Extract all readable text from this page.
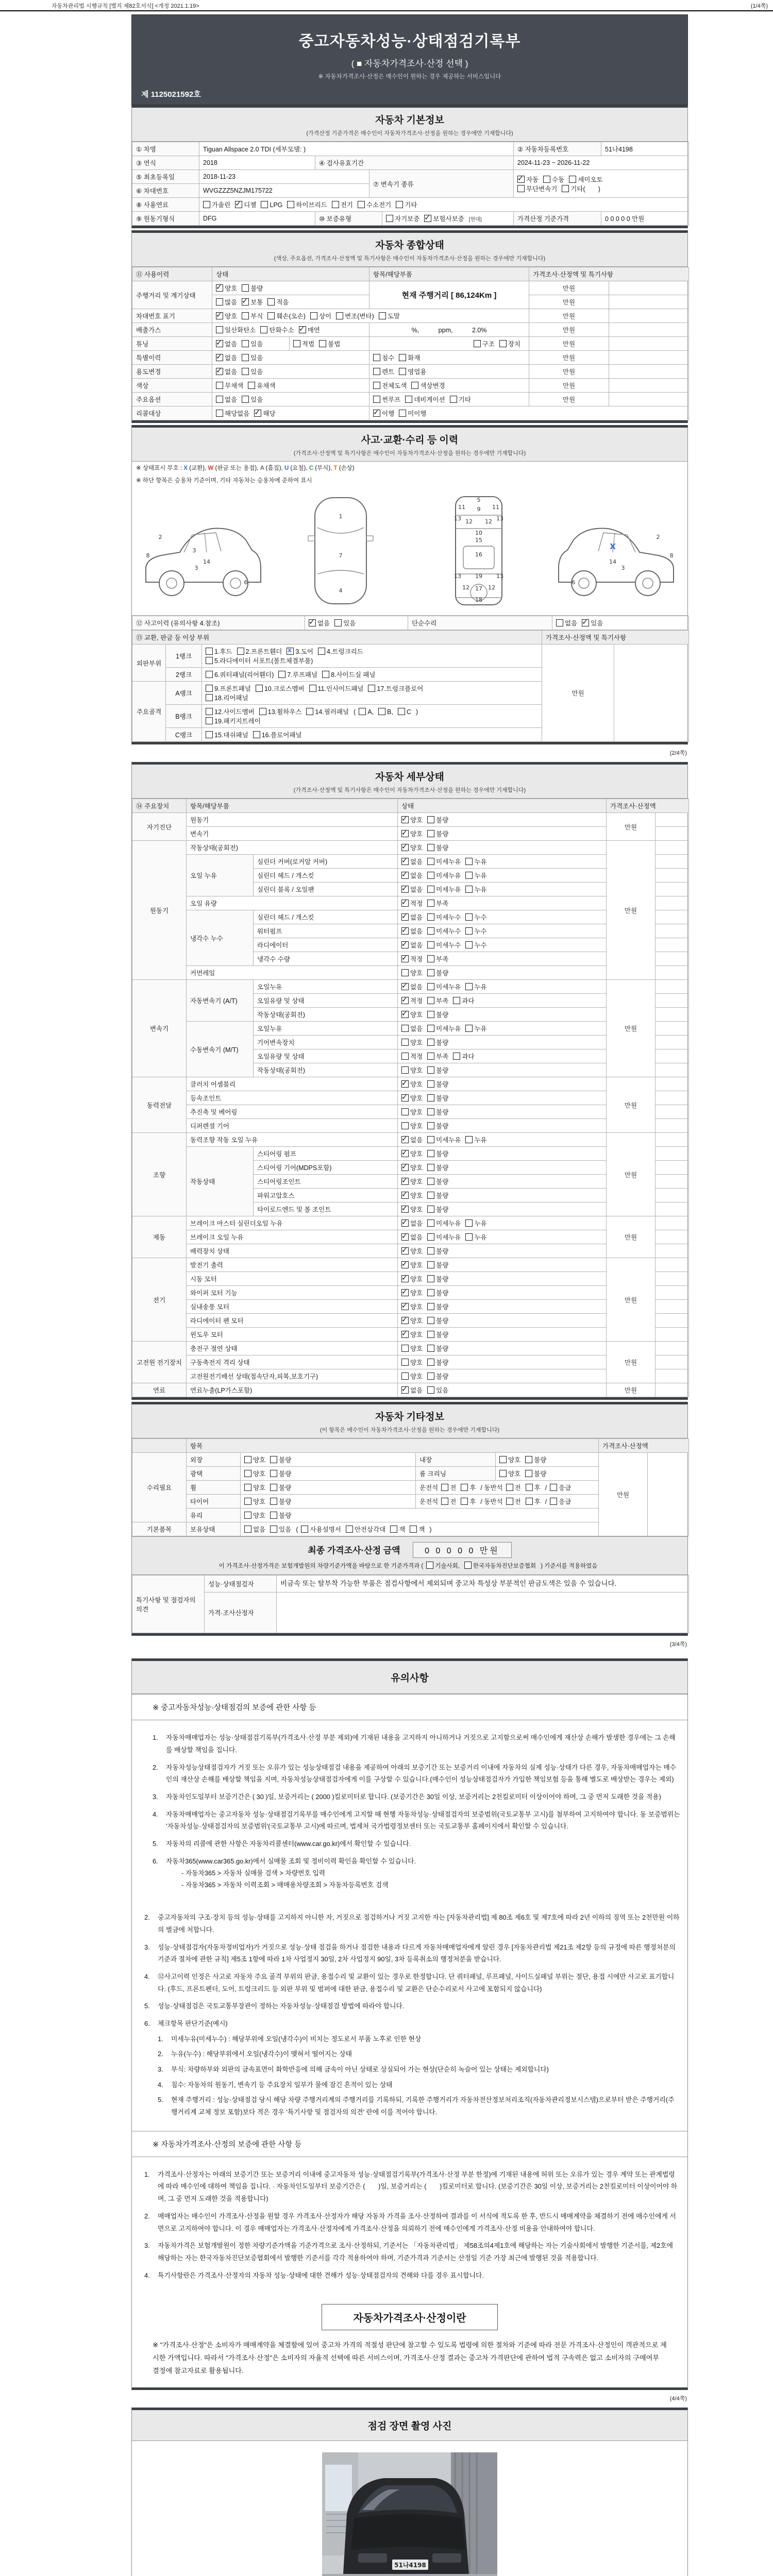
자동차관리법 시행규칙 [별지 제82호서식] <개정 2021.1.19>	(1/4쪽)
중고자동차성능·상태점검기록부
( ■ 자동차가격조사·산정 선택 )
※ 자동차가격조사·산정은 매수인이 원하는 경우 제공하는 서비스입니다
제 1125021592호
자동차 기본정보
(가격산정 기준가격은 매수인이 자동차가격조사·산정을 원하는 경우에만 기재합니다)
① 차명	Tiguan Allspace 2.0 TDI (세부모델: )				② 자동차등록번호	51나4198
③ 연식	2018	④ 검사유효기간			2024-11-23 ~ 2026-11-22	
⑤ 최초등록일	2018-11-23		⑦ 변속기 종류	✓자동 수동 세미오토
무단변속기 기타(　　)
⑥ 차대번호	WVGZZZ5NZJM175722					
⑧ 사용연료	가솔린 ✓ 디젤 LPG 하이브리드 전기 수소전기 기타
⑨ 원동기형식	DFG	⑩ 보증유형		자기보증 ✓ 보험사보증 [현대]	가격산정 기준가격	0 0 0 0 0 만원
자동차 종합상태
(색상, 주요옵션, 가격조사·산정액 및 특기사항은 매수인이 자동차가격조사·산정을 원하는 경우에만 기재합니다)
⑪ 사용이력	상태		항목/해당부품	가격조사·산정액 및 특기사항	
주행거리 및 계기상태	✓양호 불량		현재 주행거리 [ 86,124Km ]	만원	
	많음 ✓ 보통 적음			만원	
차대번호 표기	✓양호 부식 훼손(오손) 상이 변조(변타) 도말			만원	
배출가스	일산화탄소 탄화수소 ✓ 매연		%,　　　ppm,　　　2.0%	만원	
튜닝	✓없음 있음	적법 불법	구조 장치	만원	
특별이력	✓없음 있음		침수 화재	만원	
용도변경	✓없음 있음		렌트 영업용	만원	
색상	무채색 유채색		전체도색 색상변경	만원	
주요옵션	없음 있음		썬루프 네비게이션 기타	만원	
리콜대상	해당없음 ✓ 해당	✓이행 미이행
사고·교환·수리 등 이력
(가격조사·산정액 및 특기사항은 매수인이 자동차가격조사·산정을 원하는 경우에만 기재합니다)
※ 상태표시 부호 : X (교환), W (판금 또는 용접), A (흠집), U (요철), C (부식), T (손상)
※ 하단 항목은 승용차 기준이며, 기타 자동차는 승용차에 준하여 표시
2
8
3
14
3
6
1
7
4
5
9
11	11
12 12
13	13
10
15
16
13	13
19
12	12
17
18
2
8
X
14
3
6
⑫ 사고이력 (유의사항 4.참조)	✓없음 있음	단순수리	없음 ✓ 있음
⑬ 교환, 판금 등 이상 부위			가격조사·산정액 및 특기사항	
외판부위	1랭크	1.후드 2.프론트휀더 x 3.도어 4.트렁크리드
5.라디에이터 서포트(볼트체결부품)	만원	
	2랭크	6.쿼터패널(리어휀더) 7.루프패널 8.사이드실 패널		
주요골격	A랭크	9.프론트패널 10.크로스멤버 11.인사이드패널 17.트렁크플로어
18.리어패널		
	B랭크	12.사이드멤버 13.휠하우스 14.필러패널 ( A, B, C )
19.패키지트레이		
	C랭크	15.대쉬패널 16.플로어패널		
(2/4쪽)
자동차 세부상태
(가격조사·산정액 및 특기사항은 매수인이 자동차가격조사·산정을 원하는 경우에만 기재합니다)
⑭ 주요장치	항목/해당부품		상태	가격조사·산정액	
자기진단	원동기	✓양호 불량	만원	
	변속기	✓양호 불량	
원동기	작동상태(공회전)	✓양호 불량	만원	
	오일 누유	실린더 커버(로커암 커버)	✓없음 미세누유 누유	
		실린더 헤드 / 개스킷	✓없음 미세누유 누유	
		실린더 블록 / 오일팬	✓없음 미세누유 누유	
	오일 유량	✓적정 부족	
	냉각수 누수	실린더 헤드 / 개스킷	✓없음 미세누수 누수	
		워터펌프	✓없음 미세누수 누수	
		라디에이터	✓없음 미세누수 누수	
		냉각수 수량	✓적정 부족	
	커먼레일		양호 불량		
변속기	자동변속기 (A/T)	오일누유	✓없음 미세누유 누유	만원	
		오일유량 및 상태	✓적정 부족 과다	
		작동상태(공회전)	✓양호 불량	
	수동변속기 (M/T)	오일누유	없음 미세누유 누유		
		기어변속장치	양호 불량		
		오일유량 및 상태	적정 부족 과다		
		작동상태(공회전)	양호 불량		
동력전달	클러치 어셈블리	✓양호 불량	만원	
	등속조인트	✓양호 불량	
	추진축 및 베어링		양호 불량		
	디퍼렌셜 기어		양호 불량		
조향	동력조향 작동 오일 누유	✓없음 미세누유 누유	만원	
	작동상태	스티어링 펌프	✓양호 불량	
		스티어링 기어(MDPS포함)	✓양호 불량	
		스티어링조인트	✓양호 불량	
		파워고압호스	✓양호 불량	
		타이로드엔드 및 볼 조인트	✓양호 불량	
제동	브레이크 마스터 실린더오일 누유	✓없음 미세누유 누유	만원	
	브레이크 오일 누유	✓없음 미세누유 누유	
	배력장치 상태	✓양호 불량	
전기	발전기 출력	✓양호 불량	만원	
	시동 모터	✓양호 불량	
	와이퍼 모터 기능	✓양호 불량	
	실내송풍 모터	✓양호 불량	
	라디에이터 팬 모터	✓양호 불량	
	윈도우 모터	✓양호 불량	
고전원 전기장치	충전구 절연 상태		양호 불량	만원	
	구동축전지 격리 상태		양호 불량		
	고전원전기배선 상태(접속단자,피복,보호기구)		양호 불량		
연료	연료누출(LP가스포함)	✓없음 있음	만원	
자동차 기타정보
(이 항목은 매수인이 자동차가격조사·산정을 원하는 경우에만 기재합니다)
	항목				가격조사·산정액	
수리필요	외장	양호 불량	내장	양호 불량	만원	
	광택	양호 불량	룸 크리닝	양호 불량		
	휠	양호 불량	운전석 전 후 / 동반석 전 후 / 응급			
	타이어	양호 불량	운전석 전 후 / 동반석 전 후 / 응급			
	유리	양호 불량				
기본품목	보유상태	없음 있음 ( 사용설명서 안전삼각대 잭 잭 )				
최종 가격조사·산정 금액	0 0 0 0 0 만원
이 가격조사·산정가격은 보험개발원의 차량기준가액을 바탕으로 한 기준가격과 ( 기술사회, 한국자동차진단보증협회 ) 기준서를 적용하였음
특기사항 및 점검자의 의견	성능·상태점검자	비금속 또는 탈부착 가능한 부품은 점검사항에서 제외되며 중고차 특성상 부분적인 판금도색은 있을 수 있습니다.
	가격·조사산정자	
(3/4쪽)
유의사항
※ 중고자동차성능·상태점검의 보증에 관한 사항 등
1.	자동차매매업자는 성능·상태점검기록부(가격조사·산정 부분 제외)에 기재된 내용을 고지하지 아니하거나 거짓으로 고지함으로써 매수인에게 재산상 손해가 발생한 경우에는 그 손해를 배상할 책임을 집니다.
2.	자동차성능상태점검자가 거짓 또는 오류가 있는 성능상태점검 내용을 제공하여 아래의 보증기간 또는 보증거리 이내에 자동차의 실제 성능·상태가 다른 경우, 자동차매매업자는 매수인의 재산상 손해를 배상할 책임을 지며, 자동차성능상태점검자에게 이를 구상할 수 있습니다.(매수인이 성능상태점검자가 가입한 책임보험 등을 통해 별도로 배상받는 경우는 제외)
3.	자동차인도일부터 보증기간은 ( 30 )일, 보증거리는 ( 2000 )킬로미터로 합니다. (보증기간은 30일 이상, 보증거리는 2천킬로미터 이상이어야 하며, 그 중 먼저 도래한 것을 적용)
4.	자동차매매업자는 중고자동차 성능·상태점검기록부를 매수인에게 고지할 때 현행 자동차성능·상태점검자의 보증범위(국토교통부 고시)를 첨부하여 고지하여야 합니다. 동 보증범위는 '자동차성능·상태점검자의 보증범위'(국토교통부 고시)에 따르며, 법제처 국가법령정보센터 또는 국토교통부 홈페이지에서 확인할 수 있습니다.
5.	자동차의 리콜에 관한 사항은 자동차리콜센터(www.car.go.kr)에서 확인할 수 있습니다.
6.	자동차365(www.car365.go.kr)에서 실매물 조회 및 정비이력 확인을 확인할 수 있습니다.
- 자동차365 > 자동차 실매물 검색 > 차량번호 입력
- 자동차365 > 자동차 이력조회 > 매매용차량조회 > 자동차등록번호 검색
2.	중고자동차의 구조·장치 등의 성능·상태를 고지하지 아니한 자, 거짓으로 점검하거나 거짓 고지한 자는 [자동차관리법] 제 80조 제6호 및 제7호에 따라 2년 이하의 징역 또는 2천만원 이하의 벌금에 처합니다.
3.	성능·상태점검자(자동차정비업자)가 거짓으로 성능·상태 점검을 하거나 점검한 내용과 다르게 자동차매매업자에게 알린 경우 [자동차관리법 제21조 제2항 등의 규정에 따른 행정처분의 기준과 절차에 관한 규칙] 제5조 1항에 따라 1차 사업정지 30일, 2차 사업정지 90일, 3차 등록취소의 행정처분을 받습니다.
4.	⑫사고이력 인정은 사고로 자동차 주요 골격 부위의 판금, 용접수리 및 교환이 있는 경우로 한정합니다. 단 쿼터패널, 루프패널, 사이드실패널 부위는 절단, 용접 시에만 사고로 표기합니다. (후드, 프론트펜더, 도어, 트렁크리드 등 외판 부위 및 범퍼에 대한 판금, 용접수리 및 교환은 단순수리로서 사고에 포함되지 않습니다)
5.	성능·상태점검은 국토교통부장관이 정하는 자동차성능·상태점검 방법에 따라야 합니다.
6.	체크항목 판단기준(예시)
1.	미세누유(미세누수) : 해당부위에 오일(냉각수)이 비치는 정도로서 부품 노후로 인한 현상
2.	누유(누수) : 해당부위에서 오일(냉각수)이 맺혀서 떨어지는 상태
3.	부식: 차량하부와 외판의 금속표면이 화학반응에 의해 금속이 아닌 상태로 상실되어 가는 현상(단순히 녹슬어 있는 상태는 제외합니다)
4.	침수: 자동차의 원동기, 변속기 등 주요장치 일부가 물에 잠긴 흔적이 있는 상태
5.	현재 주행거리 : 성능·상태점검 당시 해당 차량 주행거리계의 주행거리를 기록하되, 기록한 주행거리가 자동차전산정보처리조직(자동차관리정보시스템)으로부터 받은 주행거리(주행거리계 교체 정보 포함)보다 적은 경우 '특기사항 및 점검자의 의견' 란에 이를 적어야 합니다.
※ 자동차가격조사·산정의 보증에 관한 사항 등
1.	가격조사·산정자는 아래의 보증기간 또는 보증거리 이내에 중고자동차 성능·상태점검기록부(가격조사·산정 부분 한정)에 기재된 내용에 허위 또는 오류가 있는 경우 계약 또는 관계법령에 따라 매수인에 대하여 책임을 집니다. · 자동차인도일부터 보증기간은 (　　)일, 보증거리는 (　　)킬로미터로 합니다. (보증기간은 30일 이상, 보증거리는 2천킬로미터 이상이어야 하며, 그 중 먼저 도래한 것을 적용합니다)
2.	매매업자는 매수인이 가격조사·산정을 원할 경우 가격조사·산정자가 해당 자동차 가격을 조사·산정하여 결과를 이 서식에 적도록 한 후, 반드시 매매계약을 체결하기 전에 매수인에게 서면으로 고지하여야 합니다. 이 경우 매매업자는 가격조사·산정자에게 가격조사·산정을 의뢰하기 전에 매수인에게 가격조사·산정 비용을 안내하여야 합니다.
3.	자동차가격은 보험개발원이 정한 차량기준가액을 기준가격으로 조사·산정하되, 기준서는 「자동차관리법」 제58조의4제1호에 해당하는 자는 기술사회에서 발행한 기준서를, 제2호에 해당하는 자는 한국자동차진단보증협회에서 발행한 기준서를 각각 적용하여야 하며, 기준가격과 기준서는 산정일 기준 가장 최근에 발행된 것을 적용합니다.
4.	특기사항란은 가격조사·산정자의 자동차 성능·상태에 대한 견해가 성능·상태점검자의 견해와 다를 경우 표시합니다.
자동차가격조사·산정이란
※ "가격조사·산정"은 소비자가 매매계약을 체결함에 있어 중고차 가격의 적절성 판단에 참고할 수 있도록 법령에 의한 절차와 기준에 따라 전문 가격조사·산정인이 객관적으로 제시한 가액입니다. 따라서 "가격조사·산정"은 소비자의 자율적 선택에 따른 서비스이며, 가격조사·산정 결과는 중고차 가격판단에 관하여 법적 구속력은 없고 소비자의 구매여부 결정에 참고자료로 활용됩니다.
(4/4쪽)
점검 장면 촬영 사진
51나4198
